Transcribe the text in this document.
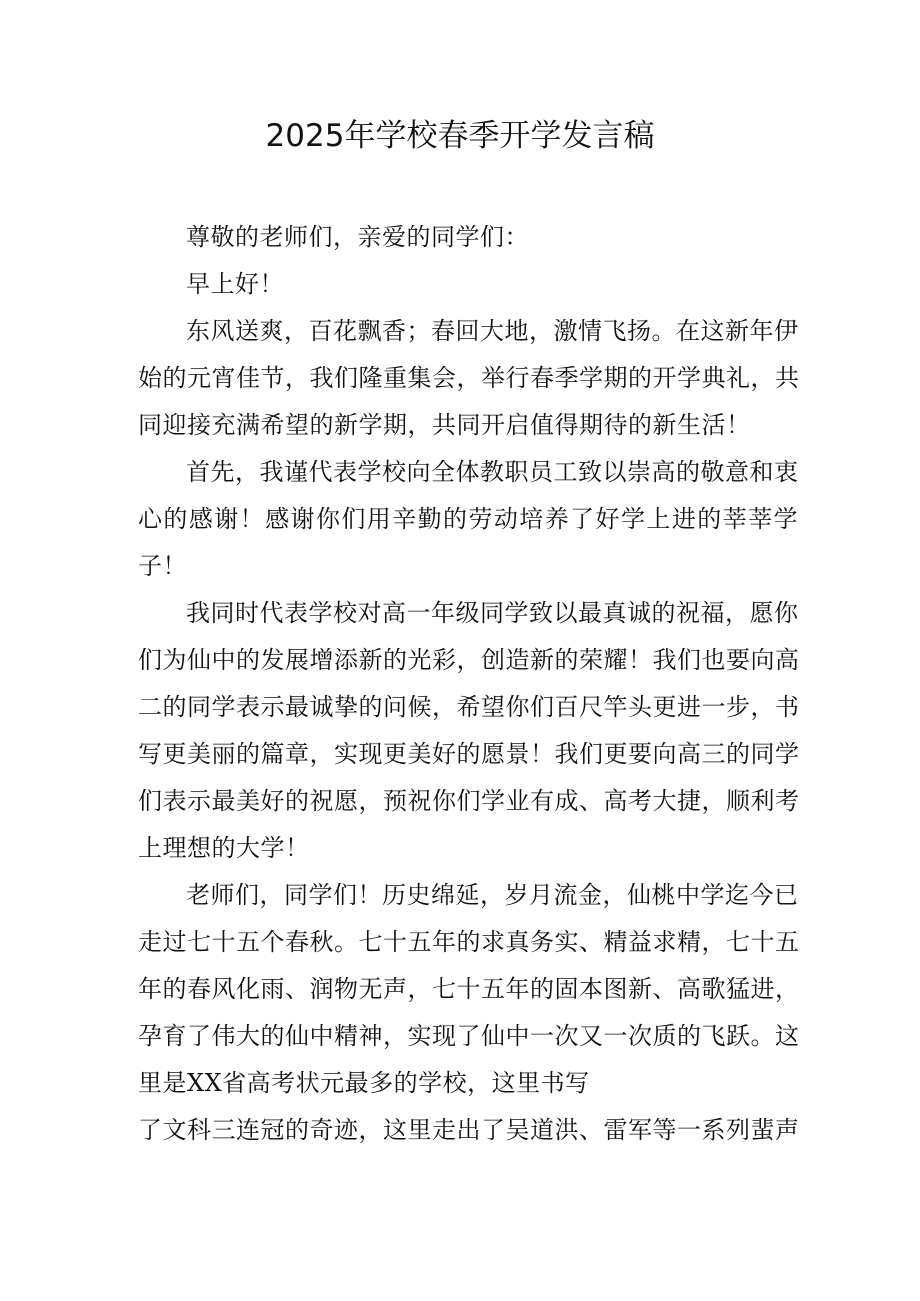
2025年学校春季开学发言稿
尊敬的老师们，亲爱的同学们：
早上好！
东风送爽，百花飘香；春回大地，激情飞扬。在这新年伊
始的元宵佳节，我们隆重集会，举行春季学期的开学典礼，共
同迎接充满希望的新学期，共同开启值得期待的新生活！
首先，我谨代表学校向全体教职员工致以崇高的敬意和衷
心的感谢！感谢你们用辛勤的劳动培养了好学上进的莘莘学
子！
我同时代表学校对高一年级同学致以最真诚的祝福，愿你
们为仙中的发展增添新的光彩，创造新的荣耀！我们也要向高
二的同学表示最诚挚的问候，希望你们百尺竿头更进一步，书
写更美丽的篇章，实现更美好的愿景！我们更要向高三的同学
们表示最美好的祝愿，预祝你们学业有成、高考大捷，顺利考
上理想的大学！
老师们，同学们！历史绵延，岁月流金，仙桃中学迄今已
走过七十五个春秋。七十五年的求真务实、精益求精，七十五
年的春风化雨、润物无声，七十五年的固本图新、高歌猛进，
孕育了伟大的仙中精神，实现了仙中一次又一次质的飞跃。这
里是XX省高考状元最多的学校，这里书写
了文科三连冠的奇迹，这里走出了吴道洪、雷军等一系列蜚声
